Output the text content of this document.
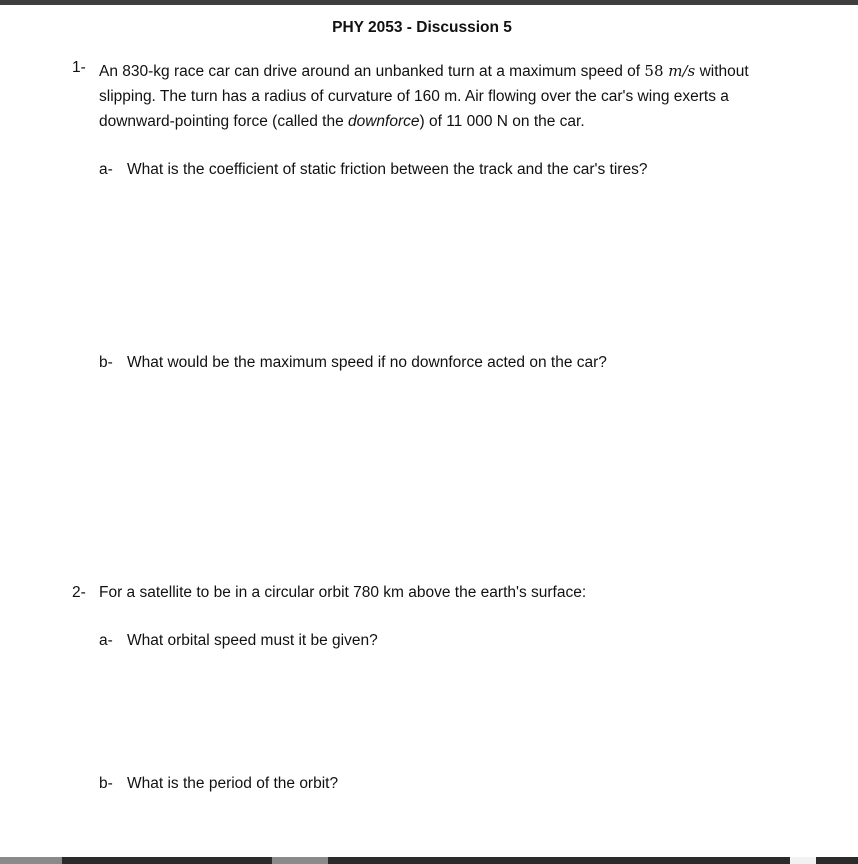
PHY 2053 - Discussion 5
1- An 830-kg race car can drive around an unbanked turn at a maximum speed of 58 m/s without slipping. The turn has a radius of curvature of 160 m. Air flowing over the car's wing exerts a downward-pointing force (called the downforce) of 11 000 N on the car.
a- What is the coefficient of static friction between the track and the car's tires?
b- What would be the maximum speed if no downforce acted on the car?
2- For a satellite to be in a circular orbit 780 km above the earth's surface:
a- What orbital speed must it be given?
b- What is the period of the orbit?
